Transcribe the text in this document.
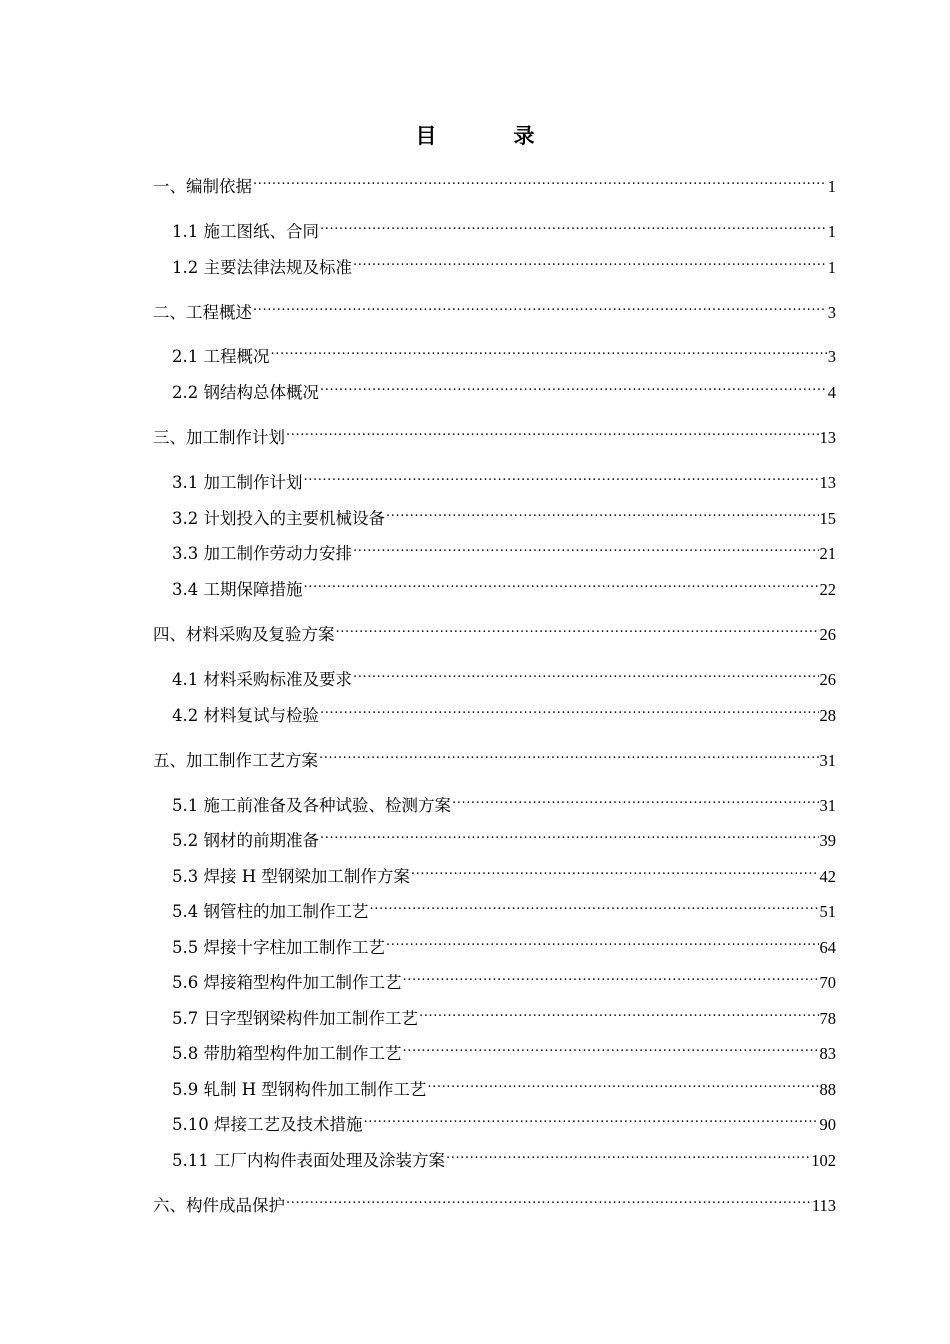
目　录
一、编制依据 .....	1
1.1 施工图纸、合同 .....	1
1.2 主要法律法规及标准 .....	1
二、工程概述 .....	3
2.1 工程概况 .....	3
2.2 钢结构总体概况 .....	4
三、加工制作计划 .....	13
3.1 加工制作计划 .....	13
3.2 计划投入的主要机械设备 .....	15
3.3 加工制作劳动力安排 .....	21
3.4 工期保障措施 .....	22
四、材料采购及复验方案 .....	26
4.1 材料采购标准及要求 .....	26
4.2 材料复试与检验 .....	28
五、加工制作工艺方案 .....	31
5.1 施工前准备及各种试验、检测方案 .....	31
5.2 钢材的前期准备 .....	39
5.3 焊接 H 型钢梁加工制作方案 .....	42
5.4 钢管柱的加工制作工艺 .....	51
5.5 焊接十字柱加工制作工艺 .....	64
5.6 焊接箱型构件加工制作工艺 .....	70
5.7 日字型钢梁构件加工制作工艺 .....	78
5.8 带肋箱型构件加工制作工艺 .....	83
5.9 轧制 H 型钢构件加工制作工艺 .....	88
5.10 焊接工艺及技术措施 .....	90
5.11 工厂内构件表面处理及涂装方案 .....	102
六、构件成品保护 .....	113
